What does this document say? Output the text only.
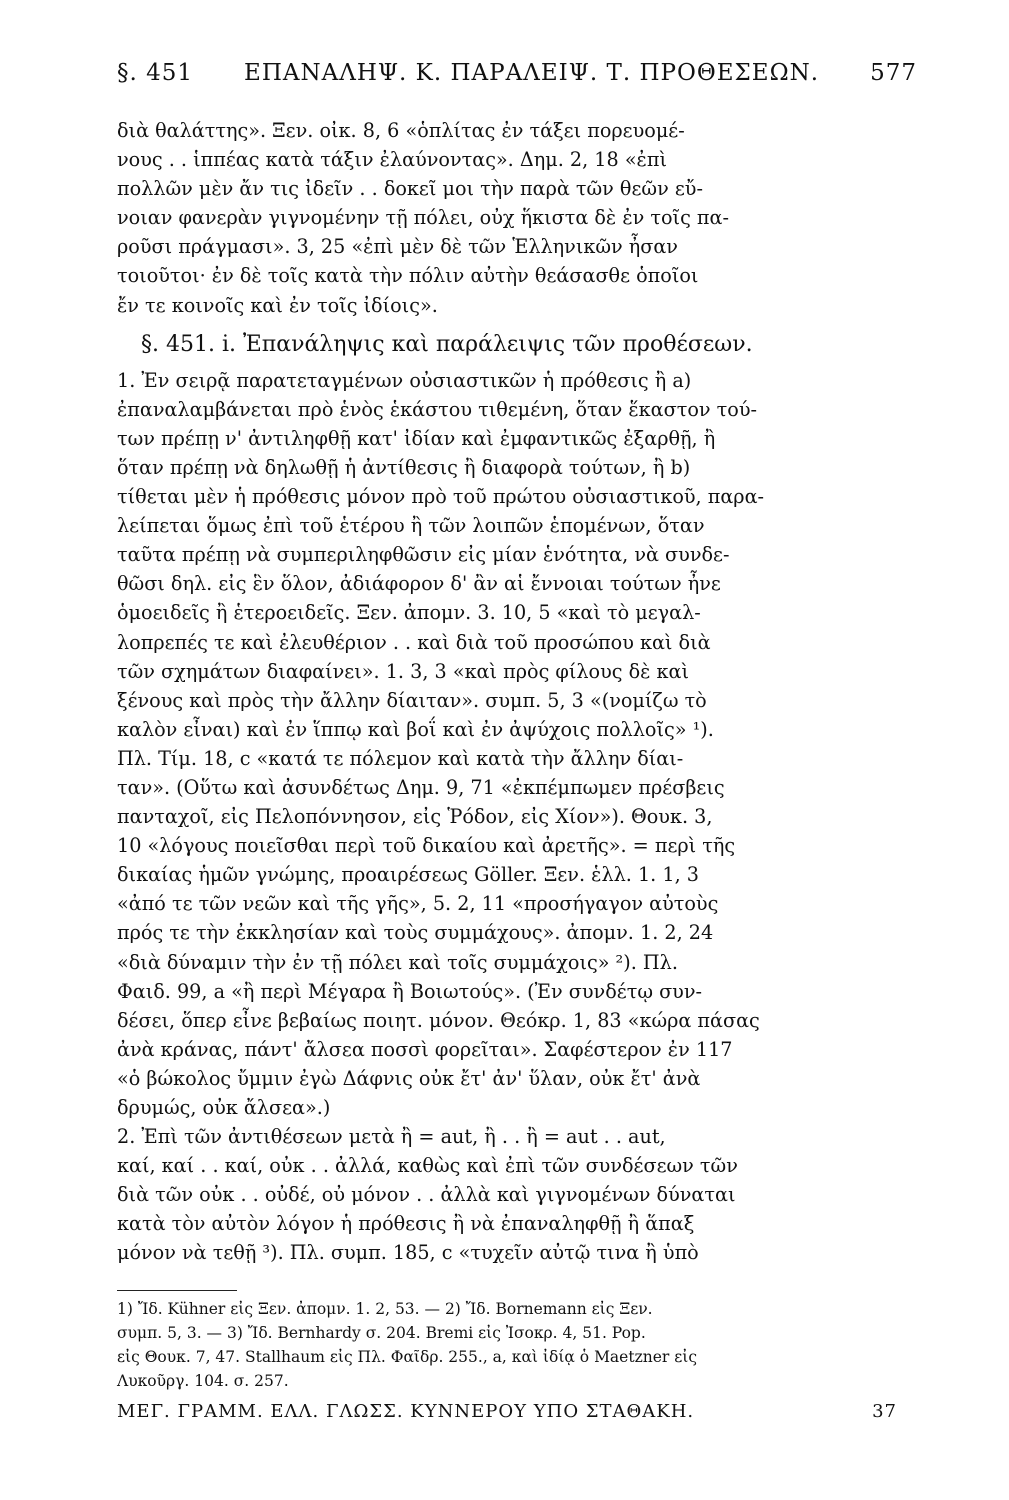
§. 451 ΕΠΑΝΑΛΗΨ. Κ. ΠΑΡΑΛΕΙΨ. Τ. ΠΡΟΘΕΣΕΩΝ. 577
διὰ θαλάττης». Ξεν. οἰκ. 8, 6 «ὁπλίτας ἐν τάξει πορευομέ-
νους . . ἱππέας κατὰ τάξιν ἐλαύνοντας». Δημ. 2, 18 «ἐπὶ
πολλῶν μὲν ἄν τις ἰδεῖν . . δοκεῖ μοι τὴν παρὰ τῶν θεῶν εὔ-
νοιαν φανερὰν γιγνομένην τῇ πόλει, οὐχ ἥκιστα δὲ ἐν τοῖς πα-
ροῦσι πράγμασι». 3, 25 «ἐπὶ μὲν δὲ τῶν Ἑλληνικῶν ἦσαν
τοιοῦτοι· ἐν δὲ τοῖς κατὰ τὴν πόλιν αὐτὴν θεάσασθε ὁποῖοι
ἔν τε κοινοῖς καὶ ἐν τοῖς ἰδίοις».
§. 451. i. Ἐπανάληψις καὶ παράλειψις τῶν προθέσεων.
1. Ἐν σειρᾷ παρατεταγμένων οὐσιαστικῶν ἡ πρόθεσις ἢ a)
ἐπαναλαμβάνεται πρὸ ἑνὸς ἑκάστου τιθεμένη, ὅταν ἕκαστον τού-
των πρέπῃ ν' ἀντιληφθῇ κατ' ἰδίαν καὶ ἐμφαντικῶς ἐξαρθῇ, ἢ
ὅταν πρέπῃ νὰ δηλωθῇ ἡ ἀντίθεσις ἢ διαφορὰ τούτων, ἢ b)
τίθεται μὲν ἡ πρόθεσις μόνον πρὸ τοῦ πρώτου οὐσιαστικοῦ, παρα-
λείπεται ὅμως ἐπὶ τοῦ ἑτέρου ἢ τῶν λοιπῶν ἑπομένων, ὅταν
ταῦτα πρέπῃ νὰ συμπεριληφθῶσιν εἰς μίαν ἑνότητα, νὰ συνδε-
θῶσι δηλ. εἰς ἓν ὅλον, ἀδιάφορον δ' ἂν αἱ ἔννοιαι τούτων ἦνε
ὁμοειδεῖς ἢ ἑτεροειδεῖς. Ξεν. ἀπομν. 3. 10, 5 «καὶ τὸ μεγαλ-
λοπρεπές τε καὶ ἐλευθέριον . . καὶ διὰ τοῦ προσώπου καὶ διὰ
τῶν σχημάτων διαφαίνει». 1. 3, 3 «καὶ πρὸς φίλους δὲ καὶ
ξένους καὶ πρὸς τὴν ἄλλην δίαιταν». συμπ. 5, 3 «(νομίζω τὸ
καλὸν εἶναι) καὶ ἐν ἵππῳ καὶ βοΐ καὶ ἐν ἀψύχοις πολλοῖς» ¹).
Πλ. Τίμ. 18, c «κατά τε πόλεμον καὶ κατὰ τὴν ἄλλην δίαι-
ταν». (Οὕτω καὶ ἀσυνδέτως Δημ. 9, 71 «ἐκπέμπωμεν πρέσβεις
πανταχοῖ, εἰς Πελοπόννησον, εἰς Ῥόδον, εἰς Χίον»). Θουκ. 3,
10 «λόγους ποιεῖσθαι περὶ τοῦ δικαίου καὶ ἀρετῆς». = περὶ τῆς
δικαίας ἡμῶν γνώμης, προαιρέσεως Göller. Ξεν. ἑλλ. 1. 1, 3
«ἀπό τε τῶν νεῶν καὶ τῆς γῆς», 5. 2, 11 «προσήγαγον αὐτοὺς
πρός τε τὴν ἐκκλησίαν καὶ τοὺς συμμάχους». ἀπομν. 1. 2, 24
«διὰ δύναμιν τὴν ἐν τῇ πόλει καὶ τοῖς συμμάχοις» ²). Πλ.
Φαιδ. 99, a «ἢ περὶ Μέγαρα ἢ Βοιωτούς». (Ἐν συνδέτῳ συν-
δέσει, ὅπερ εἶνε βεβαίως ποιητ. μόνον. Θεόκρ. 1, 83 «κώρα πάσας
ἀνὰ κράνας, πάντ' ἄλσεα ποσσὶ φορεῖται». Σαφέστερον ἐν 117
«ὁ βώκολος ὔμμιν ἐγὼ Δάφνις οὐκ ἔτ' ἀν' ὕλαν, οὐκ ἔτ' ἀνὰ
δρυμώς, οὐκ ἄλσεα».)
2. Ἐπὶ τῶν ἀντιθέσεων μετὰ ἢ = aut, ἢ . . ἢ = aut . . aut,
καί, καί . . καί, οὐκ . . ἀλλά, καθὼς καὶ ἐπὶ τῶν συνδέσεων τῶν
διὰ τῶν οὐκ . . οὐδέ, οὐ μόνον . . ἀλλὰ καὶ γιγνομένων δύναται
κατὰ τὸν αὐτὸν λόγον ἡ πρόθεσις ἢ νὰ ἐπαναληφθῇ ἢ ἅπαξ
μόνον νὰ τεθῇ ³). Πλ. συμπ. 185, c «τυχεῖν αὐτῷ τινα ἢ ὑπὸ
1) Ἴδ. Kühner εἰς Ξεν. ἀπομν. 1. 2, 53. — 2) Ἴδ. Bornemann εἰς Ξεν.
συμπ. 5, 3. — 3) Ἴδ. Bernhardy σ. 204. Bremi εἰς Ἰσοκρ. 4, 51. Pop.
εἰς Θουκ. 7, 47. Stallhaum εἰς Πλ. Φαῖδρ. 255., a, καὶ ἰδίᾳ ὁ Maetzner εἰς
Λυκοῦργ. 104. σ. 257.
ΜΕΓ. ΓΡΑΜΜ. ΕΛΛ. ΓΛΩΣΣ. ΚΥΝΝΕΡΟΥ ΥΠΟ ΣΤΑΘΑΚΗ.	37
